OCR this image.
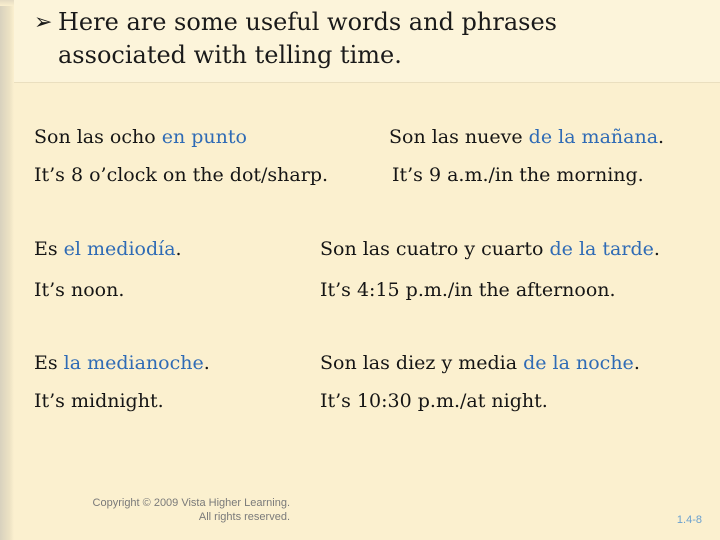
➢ Here are some useful words and phrases
associated with telling time.
Son las ocho en punto	Son las nueve de la mañana.
It’s 8 o’clock on the dot/sharp.	It’s 9 a.m./in the morning.
Es el mediodía.	Son las cuatro y cuarto de la tarde.
It’s noon.	It’s 4:15 p.m./in the afternoon.
Es la medianoche.	Son las diez y media de la noche.
It’s midnight.	It’s 10:30 p.m./at night.
Copyright © 2009 Vista Higher Learning.
All rights reserved.	1.4-8
